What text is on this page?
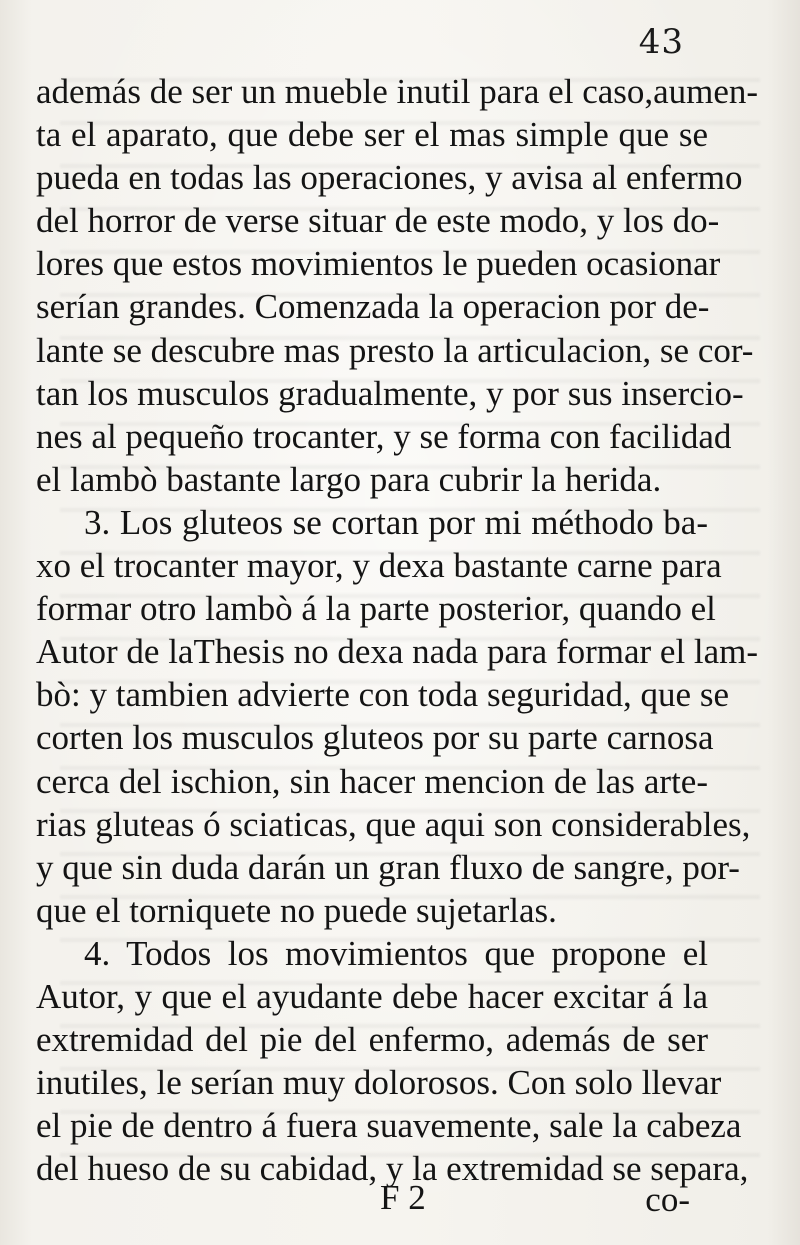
43
además de ser un mueble inutil para el caso,aumen-
ta el aparato, que debe ser el mas simple que se
pueda en todas las operaciones, y avisa al enfermo
del horror de verse situar de este modo, y los do-
lores que estos movimientos le pueden ocasionar
serían grandes. Comenzada la operacion por de-
lante se descubre mas presto la articulacion, se cor-
tan los musculos gradualmente, y por sus insercio-
nes al pequeño trocanter, y se forma con facilidad
el lambò bastante largo para cubrir la herida.
3. Los gluteos se cortan por mi méthodo ba-
xo el trocanter mayor, y dexa bastante carne para
formar otro lambò á la parte posterior, quando el
Autor de laThesis no dexa nada para formar el lam-
bò: y tambien advierte con toda seguridad, que se
corten los musculos gluteos por su parte carnosa
cerca del ischion, sin hacer mencion de las arte-
rias gluteas ó sciaticas, que aqui son considerables,
y que sin duda darán un gran fluxo de sangre, por-
que el torniquete no puede sujetarlas.
4. Todos los movimientos que propone el
Autor, y que el ayudante debe hacer excitar á la
extremidad del pie del enfermo, además de ser
inutiles, le serían muy dolorosos. Con solo llevar
el pie de dentro á fuera suavemente, sale la cabeza
del hueso de su cabidad, y la extremidad se separa,
F 2	co-
